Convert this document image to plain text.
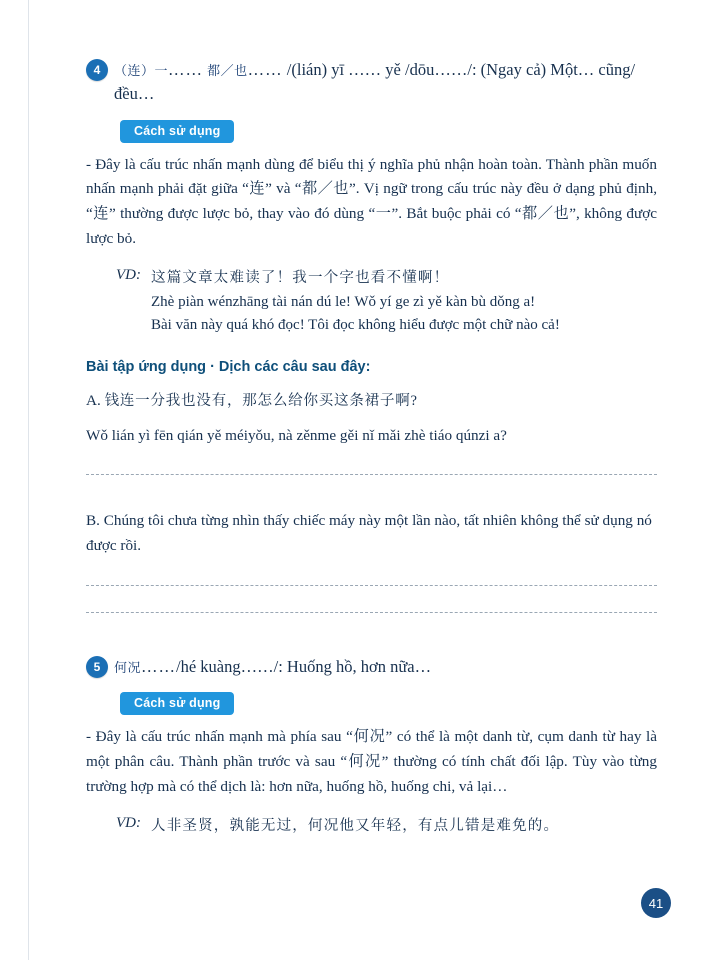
4	（连）一…… 都／也…… /(lián) yī …… yě /dōu……/: (Ngay cả) Một… cũng/đều…
Cách sử dụng

- Đây là cấu trúc nhấn mạnh dùng để biểu thị ý nghĩa phủ nhận hoàn toàn. Thành phần muốn nhấn mạnh phải đặt giữa “连” và “都／也”. Vị ngữ trong cấu trúc này đều ở dạng phủ định, “连” thường được lược bỏ, thay vào đó dùng “一”. Bắt buộc phải có “都／也”, không được lược bỏ.

VD: 这篇文章太难读了！我一个字也看不懂啊！
Zhè piàn wénzhāng tài nán dú le! Wǒ yí ge zì yě kàn bù dǒng a!
Bài văn này quá khó đọc! Tôi đọc không hiểu được một chữ nào cả!
Bài tập ứng dụng · Dịch các câu sau đây:
A. 钱连一分我也没有，那怎么给你买这条裙子啊?
Wǒ lián yì fēn qián yě méiyǒu, nà zěnme gěi nǐ mǎi zhè tiáo qúnzi a?
B. Chúng tôi chưa từng nhìn thấy chiếc máy này một lần nào, tất nhiên không thể sử dụng nó được rồi.
5	何况……/hé kuàng……/: Huống hồ, hơn nữa…
Cách sử dụng

- Đây là cấu trúc nhấn mạnh mà phía sau “何况” có thể là một danh từ, cụm danh từ hay là một phân câu. Thành phần trước và sau “何况” thường có tính chất đối lập. Tùy vào từng trường hợp mà có thể dịch là: hơn nữa, huống hồ, huống chi, vả lại…

VD: 人非圣贤，孰能无过，何况他又年轻，有点儿错是难免的。
41
